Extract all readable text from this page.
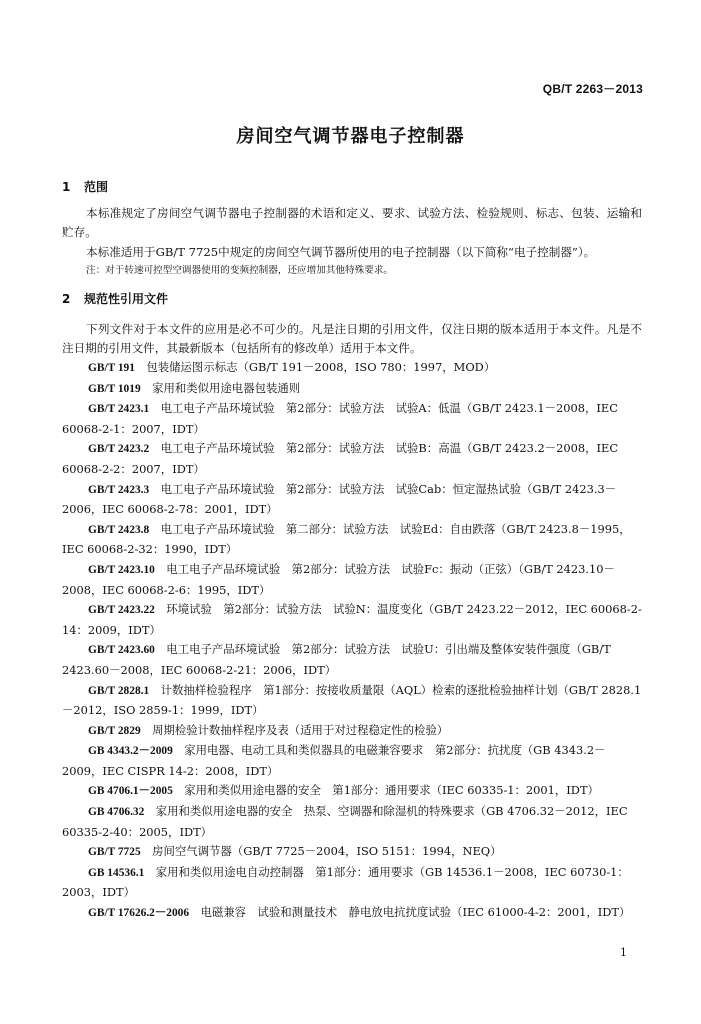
QB/T 2263－2013
房间空气调节器电子控制器
1 范围

本标准规定了房间空气调节器电子控制器的术语和定义、要求、试验方法、检验规则、标志、包装、运输和贮存。

本标准适用于GB/T 7725中规定的房间空气调节器所使用的电子控制器（以下简称“电子控制器”）。

注：对于转速可控型空调器使用的变频控制器，还应增加其他特殊要求。

2 规范性引用文件

下列文件对于本文件的应用是必不可少的。凡是注日期的引用文件，仅注日期的版本适用于本文件。凡是不注日期的引用文件，其最新版本（包括所有的修改单）适用于本文件。

GB/T 191　 包装储运图示标志（GB/T 191－2008，ISO 780：1997，MOD）

GB/T 1019　 家用和类似用途电器包装通则

GB/T 2423.1　 电工电子产品环境试验　第2部分：试验方法　试验A：低温（GB/T 2423.1－2008，IEC 60068-2-1：2007，IDT）

GB/T 2423.2　 电工电子产品环境试验　第2部分：试验方法　试验B：高温（GB/T 2423.2－2008，IEC 60068-2-2：2007，IDT）

GB/T 2423.3　 电工电子产品环境试验　第2部分：试验方法　试验Cab：恒定湿热试验（GB/T 2423.3－2006，IEC 60068-2-78：2001，IDT）

GB/T 2423.8　 电工电子产品环境试验　第二部分：试验方法　试验Ed：自由跌落（GB/T 2423.8－1995，IEC 60068-2-32：1990，IDT）

GB/T 2423.10　 电工电子产品环境试验　第2部分：试验方法　试验Fc：振动（正弦）（GB/T 2423.10－2008，IEC 60068-2-6：1995，IDT）

GB/T 2423.22　 环境试验　第2部分：试验方法　试验N：温度变化（GB/T 2423.22－2012，IEC 60068-2-14：2009，IDT）

GB/T 2423.60　 电工电子产品环境试验　第2部分：试验方法　试验U：引出端及整体安装件强度（GB/T 2423.60－2008，IEC 60068-2-21：2006，IDT）

GB/T 2828.1　 计数抽样检验程序　第1部分：按接收质量限（AQL）检索的逐批检验抽样计划（GB/T 2828.1－2012，ISO 2859-1：1999，IDT）

GB/T 2829　 周期检验计数抽样程序及表（适用于对过程稳定性的检验）

GB 4343.2－2009　 家用电器、电动工具和类似器具的电磁兼容要求　第2部分：抗扰度（GB 4343.2－2009，IEC CISPR 14-2：2008，IDT）

GB 4706.1－2005　 家用和类似用途电器的安全　第1部分：通用要求（IEC 60335-1：2001，IDT）

GB 4706.32　 家用和类似用途电器的安全　热泵、空调器和除湿机的特殊要求（GB 4706.32－2012，IEC 60335-2-40：2005，IDT）

GB/T 7725　 房间空气调节器（GB/T 7725－2004，ISO 5151：1994，NEQ）

GB 14536.1　 家用和类似用途电自动控制器　第1部分：通用要求（GB 14536.1－2008，IEC 60730-1：2003，IDT）

GB/T 17626.2－2006　 电磁兼容　试验和测量技术　静电放电抗扰度试验（IEC 61000-4-2：2001，IDT）

1
